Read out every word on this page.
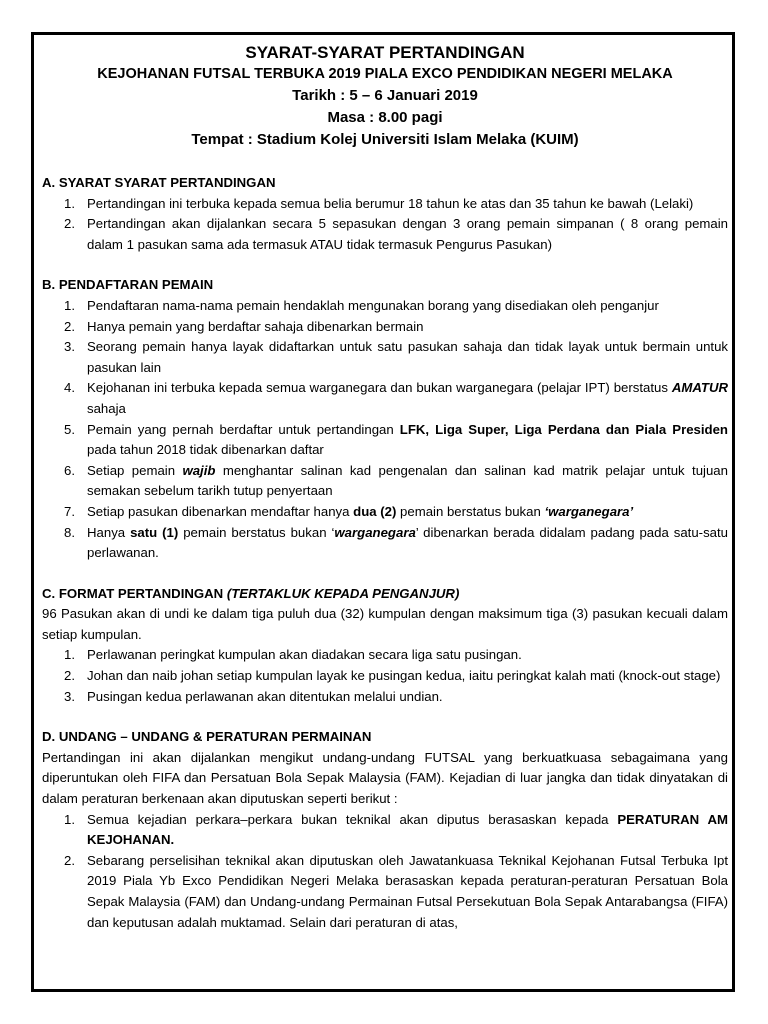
SYARAT-SYARAT PERTANDINGAN
KEJOHANAN FUTSAL TERBUKA 2019 PIALA EXCO PENDIDIKAN NEGERI MELAKA
Tarikh : 5 – 6 Januari 2019
Masa : 8.00 pagi
Tempat : Stadium Kolej Universiti Islam Melaka (KUIM)
A. SYARAT SYARAT PERTANDINGAN
1. Pertandingan ini terbuka kepada semua belia berumur 18 tahun ke atas dan 35 tahun ke bawah (Lelaki)
2. Pertandingan akan dijalankan secara 5 sepasukan dengan 3 orang pemain simpanan ( 8 orang pemain dalam 1 pasukan sama ada termasuk ATAU tidak termasuk Pengurus Pasukan)
B. PENDAFTARAN PEMAIN
1. Pendaftaran nama-nama pemain hendaklah mengunakan borang yang disediakan oleh penganjur
2. Hanya pemain yang berdaftar sahaja dibenarkan bermain
3. Seorang pemain hanya layak didaftarkan untuk satu pasukan sahaja dan tidak layak untuk bermain untuk pasukan lain
4. Kejohanan ini terbuka kepada semua warganegara dan bukan warganegara (pelajar IPT) berstatus AMATUR sahaja
5. Pemain yang pernah berdaftar untuk pertandingan LFK, Liga Super, Liga Perdana dan Piala Presiden pada tahun 2018 tidak dibenarkan daftar
6. Setiap pemain wajib menghantar salinan kad pengenalan dan salinan kad matrik pelajar untuk tujuan semakan sebelum tarikh tutup penyertaan
7. Setiap pasukan dibenarkan mendaftar hanya dua (2) pemain berstatus bukan ‘warganegara’
8. Hanya satu (1) pemain berstatus bukan ‘warganegara’ dibenarkan berada didalam padang pada satu-satu perlawanan.
C. FORMAT PERTANDINGAN (TERTAKLUK KEPADA PENGANJUR)
96 Pasukan akan di undi ke dalam tiga puluh dua (32) kumpulan dengan maksimum tiga (3) pasukan kecuali dalam setiap kumpulan.
1. Perlawanan peringkat kumpulan akan diadakan secara liga satu pusingan.
2. Johan dan naib johan setiap kumpulan layak ke pusingan kedua, iaitu peringkat kalah mati (knock-out stage)
3. Pusingan kedua perlawanan akan ditentukan melalui undian.
D. UNDANG – UNDANG & PERATURAN PERMAINAN
Pertandingan ini akan dijalankan mengikut undang-undang FUTSAL yang berkuatkuasa sebagaimana yang diperuntukan oleh FIFA dan Persatuan Bola Sepak Malaysia (FAM). Kejadian di luar jangka dan tidak dinyatakan di dalam peraturan berkenaan akan diputuskan seperti berikut :
1. Semua kejadian perkara–perkara bukan teknikal akan diputus berasaskan kepada PERATURAN AM KEJOHANAN.
2. Sebarang perselisihan teknikal akan diputuskan oleh Jawatankuasa Teknikal Kejohanan Futsal Terbuka Ipt 2019 Piala Yb Exco Pendidikan Negeri Melaka berasaskan kepada peraturan-peraturan Persatuan Bola Sepak Malaysia (FAM) dan Undang-undang Permainan Futsal Persekutuan Bola Sepak Antarabangsa (FIFA) dan keputusan adalah muktamad. Selain dari peraturan di atas,
